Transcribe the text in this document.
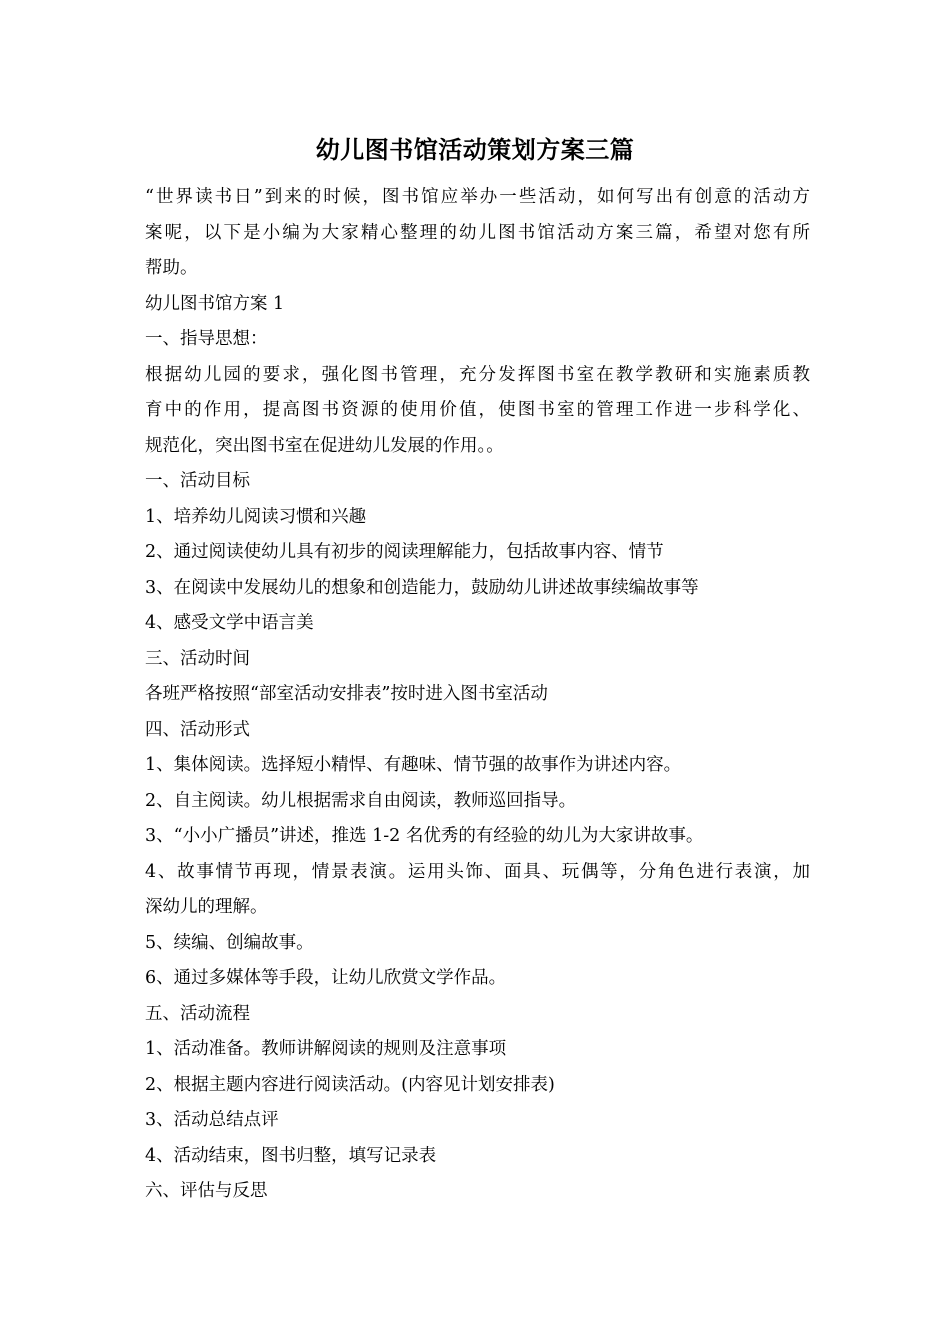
幼儿图书馆活动策划方案三篇
“世界读书日”到来的时候，图书馆应举办一些活动，如何写出有创意的活动方
案呢，以下是小编为大家精心整理的幼儿图书馆活动方案三篇，希望对您有所
帮助。
幼儿图书馆方案 1
一、指导思想：
根据幼儿园的要求，强化图书管理，充分发挥图书室在教学教研和实施素质教
育中的作用，提高图书资源的使用价值，使图书室的管理工作进一步科学化、
规范化，突出图书室在促进幼儿发展的作用。。
一、活动目标
1、培养幼儿阅读习惯和兴趣
2、通过阅读使幼儿具有初步的阅读理解能力，包括故事内容、情节
3、在阅读中发展幼儿的想象和创造能力，鼓励幼儿讲述故事续编故事等
4、感受文学中语言美
三、活动时间
各班严格按照“部室活动安排表”按时进入图书室活动
四、活动形式
1、集体阅读。选择短小精悍、有趣味、情节强的故事作为讲述内容。
2、自主阅读。幼儿根据需求自由阅读，教师巡回指导。
3、“小小广播员”讲述，推选 1-2 名优秀的有经验的幼儿为大家讲故事。
4、故事情节再现，情景表演。运用头饰、面具、玩偶等，分角色进行表演，加
深幼儿的理解。
5、续编、创编故事。
6、通过多媒体等手段，让幼儿欣赏文学作品。
五、活动流程
1、活动准备。教师讲解阅读的规则及注意事项
2、根据主题内容进行阅读活动。(内容见计划安排表)
3、活动总结点评
4、活动结束，图书归整，填写记录表
六、评估与反思
